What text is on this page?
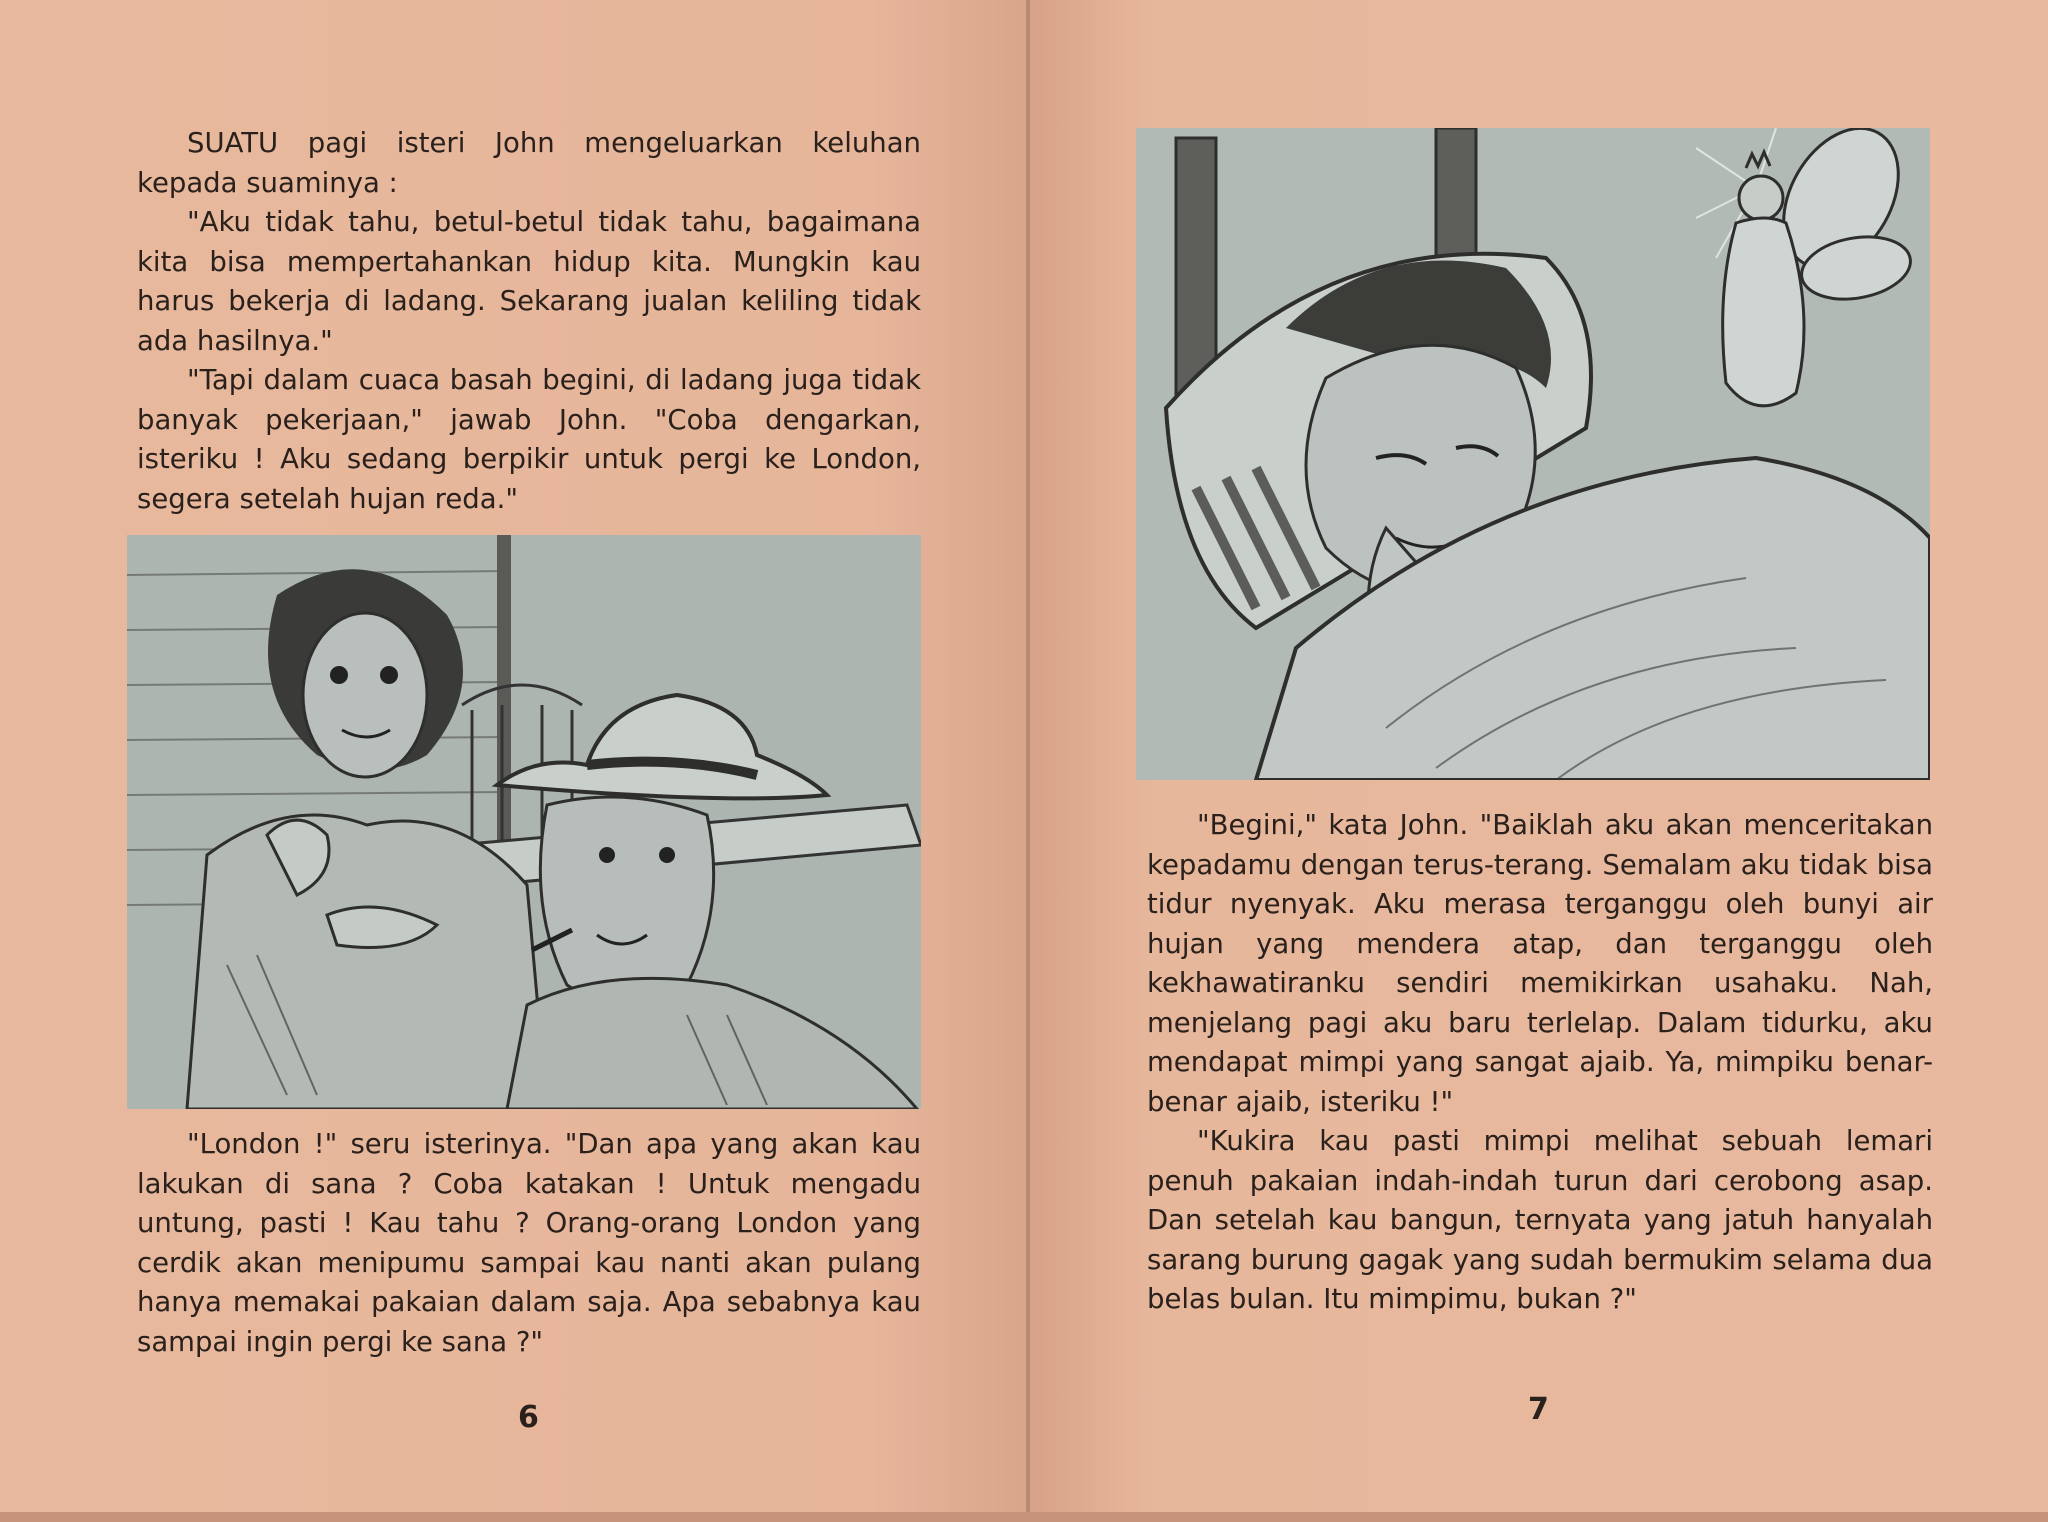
SUATU pagi isteri John mengeluarkan keluhan kepada suaminya :

"Aku tidak tahu, betul-betul tidak tahu, bagaimana kita bisa mempertahankan hidup kita. Mungkin kau harus bekerja di ladang. Sekarang jualan keliling tidak ada hasilnya."

"Tapi dalam cuaca basah begini, di ladang juga tidak banyak pekerjaan," jawab John. "Coba dengarkan, isteriku ! Aku sedang berpikir untuk pergi ke London, segera setelah hujan reda."

"London !" seru isterinya. "Dan apa yang akan kau lakukan di sana ? Coba katakan ! Untuk mengadu untung, pasti ! Kau tahu ? Orang-orang London yang cerdik akan menipumu sampai kau nanti akan pulang hanya memakai pakaian dalam saja. Apa sebabnya kau sampai ingin pergi ke sana ?"

6

"Begini," kata John. "Baiklah aku akan menceritakan kepadamu dengan terus-terang. Semalam aku tidak bisa tidur nyenyak. Aku merasa terganggu oleh bunyi air hujan yang mendera atap, dan terganggu oleh kekhawatiranku sendiri memikirkan usahaku. Nah, menjelang pagi aku baru terlelap. Dalam tidurku, aku mendapat mimpi yang sangat ajaib. Ya, mimpiku benar-benar ajaib, isteriku !"

"Kukira kau pasti mimpi melihat sebuah lemari penuh pakaian indah-indah turun dari cerobong asap. Dan setelah kau bangun, ternyata yang jatuh hanyalah sarang burung gagak yang sudah bermukim selama dua belas bulan. Itu mimpimu, bukan ?"

7
